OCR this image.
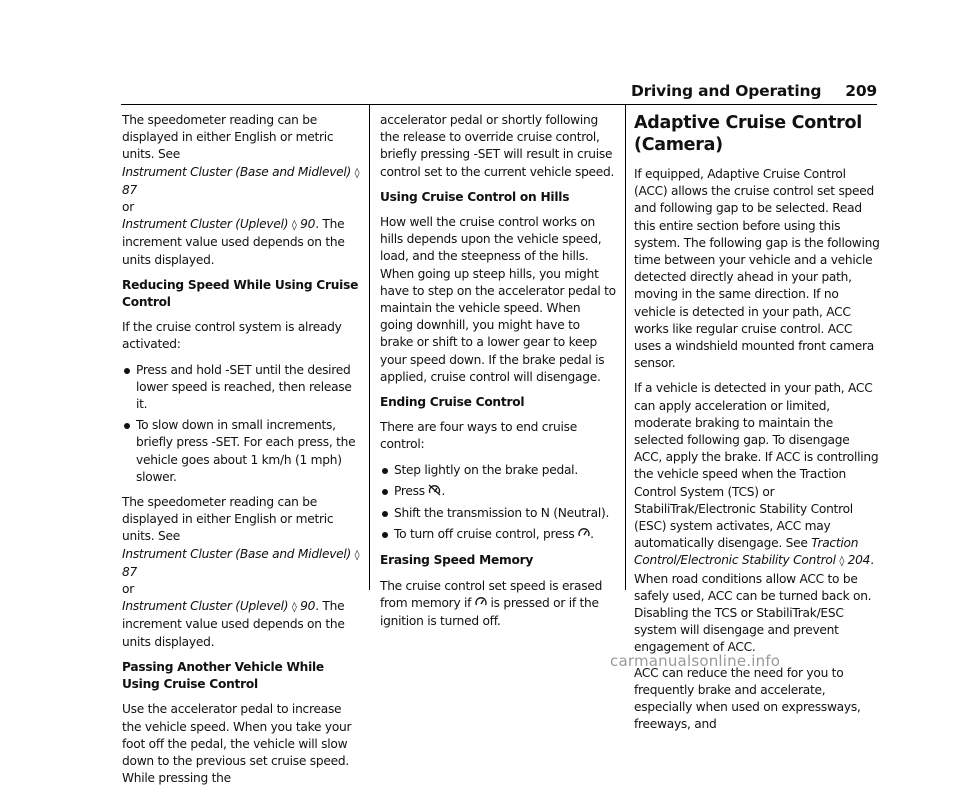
Driving and Operating 209

The speedometer reading can be displayed in either English or metric units. See
Instrument Cluster (Base and Midlevel) ◊ 87
or
Instrument Cluster (Uplevel) ◊ 90. The increment value used depends on the units displayed.

Reducing Speed While Using Cruise Control

If the cruise control system is already activated:

Press and hold -SET until the desired lower speed is reached, then release it.
To slow down in small increments, briefly press -SET. For each press, the vehicle goes about 1 km/h (1 mph) slower.

The speedometer reading can be displayed in either English or metric units. See
Instrument Cluster (Base and Midlevel) ◊ 87
or
Instrument Cluster (Uplevel) ◊ 90. The increment value used depends on the units displayed.

Passing Another Vehicle While Using Cruise Control

Use the accelerator pedal to increase the vehicle speed. When you take your foot off the pedal, the vehicle will slow down to the previous set cruise speed. While pressing the

accelerator pedal or shortly following the release to override cruise control, briefly pressing -SET will result in cruise control set to the current vehicle speed.

Using Cruise Control on Hills

How well the cruise control works on hills depends upon the vehicle speed, load, and the steepness of the hills. When going up steep hills, you might have to step on the accelerator pedal to maintain the vehicle speed. When going downhill, you might have to brake or shift to a lower gear to keep your speed down. If the brake pedal is applied, cruise control will disengage.

Ending Cruise Control

There are four ways to end cruise control:

Step lightly on the brake pedal.
Press .
Shift the transmission to N (Neutral).
To turn off cruise control, press .

Erasing Speed Memory

The cruise control set speed is erased from memory if is pressed or if the ignition is turned off.

Adaptive Cruise Control (Camera)

If equipped, Adaptive Cruise Control (ACC) allows the cruise control set speed and following gap to be selected. Read this entire section before using this system. The following gap is the following time between your vehicle and a vehicle detected directly ahead in your path, moving in the same direction. If no vehicle is detected in your path, ACC works like regular cruise control. ACC uses a windshield mounted front camera sensor.

If a vehicle is detected in your path, ACC can apply acceleration or limited, moderate braking to maintain the selected following gap. To disengage ACC, apply the brake. If ACC is controlling the vehicle speed when the Traction Control System (TCS) or StabiliTrak/Electronic Stability Control (ESC) system activates, ACC may automatically disengage. See Traction Control/Electronic Stability Control ◊ 204. When road conditions allow ACC to be safely used, ACC can be turned back on. Disabling the TCS or StabiliTrak/ESC system will disengage and prevent engagement of ACC.

ACC can reduce the need for you to frequently brake and accelerate, especially when used on expressways, freeways, and

carmanualsonline.info
